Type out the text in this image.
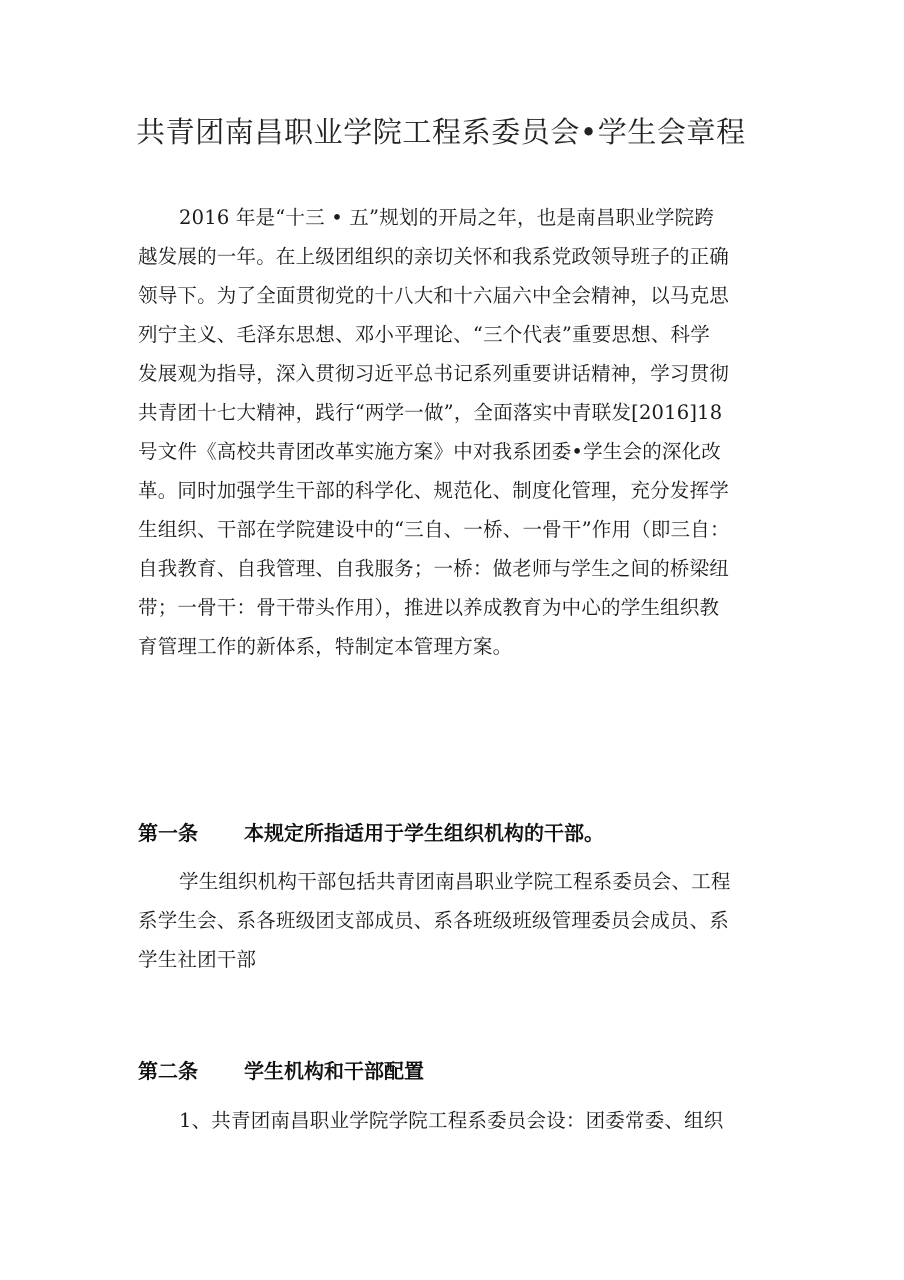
共青团南昌职业学院工程系委员会•学生会章程
2016 年是“十三 • 五”规划的开局之年，也是南昌职业学院跨
越发展的一年。在上级团组织的亲切关怀和我系党政领导班子的正确
领导下。为了全面贯彻党的十八大和十六届六中全会精神，以马克思
列宁主义、毛泽东思想、邓小平理论、“三个代表”重要思想、科学
发展观为指导，深入贯彻习近平总书记系列重要讲话精神，学习贯彻
共青团十七大精神，践行“两学一做”，全面落实中青联发[2016]18
号文件《高校共青团改革实施方案》中对我系团委•学生会的深化改
革。同时加强学生干部的科学化、规范化、制度化管理，充分发挥学
生组织、干部在学院建设中的“三自、一桥、一骨干”作用（即三自：
自我教育、自我管理、自我服务；一桥：做老师与学生之间的桥梁纽
带；一骨干：骨干带头作用），推进以养成教育为中心的学生组织教
育管理工作的新体系，特制定本管理方案。
第一条 本规定所指适用于学生组织机构的干部。
学生组织机构干部包括共青团南昌职业学院工程系委员会、工程
系学生会、系各班级团支部成员、系各班级班级管理委员会成员、系
学生社团干部
第二条 学生机构和干部配置
1、共青团南昌职业学院学院工程系委员会设：团委常委、组织
